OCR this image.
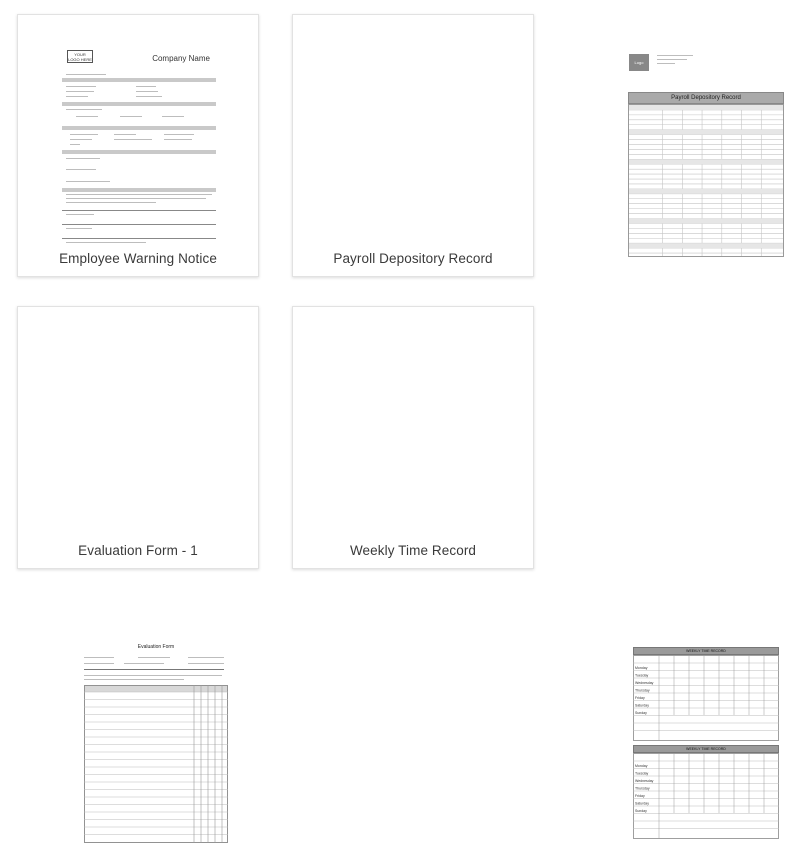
YOUR LOGO HERE	Company Name
Employee Warning Notice
Logo
Payroll Depository Record
Payroll Depository Record
Evaluation Form
Evaluation Form - 1
WEEKLY TIME RECORD
Monday
Tuesday
Wednesday
Thursday
Friday
Saturday
Sunday
WEEKLY TIME RECORD
Monday
Tuesday
Wednesday
Thursday
Friday
Saturday
Sunday
Weekly Time Record
